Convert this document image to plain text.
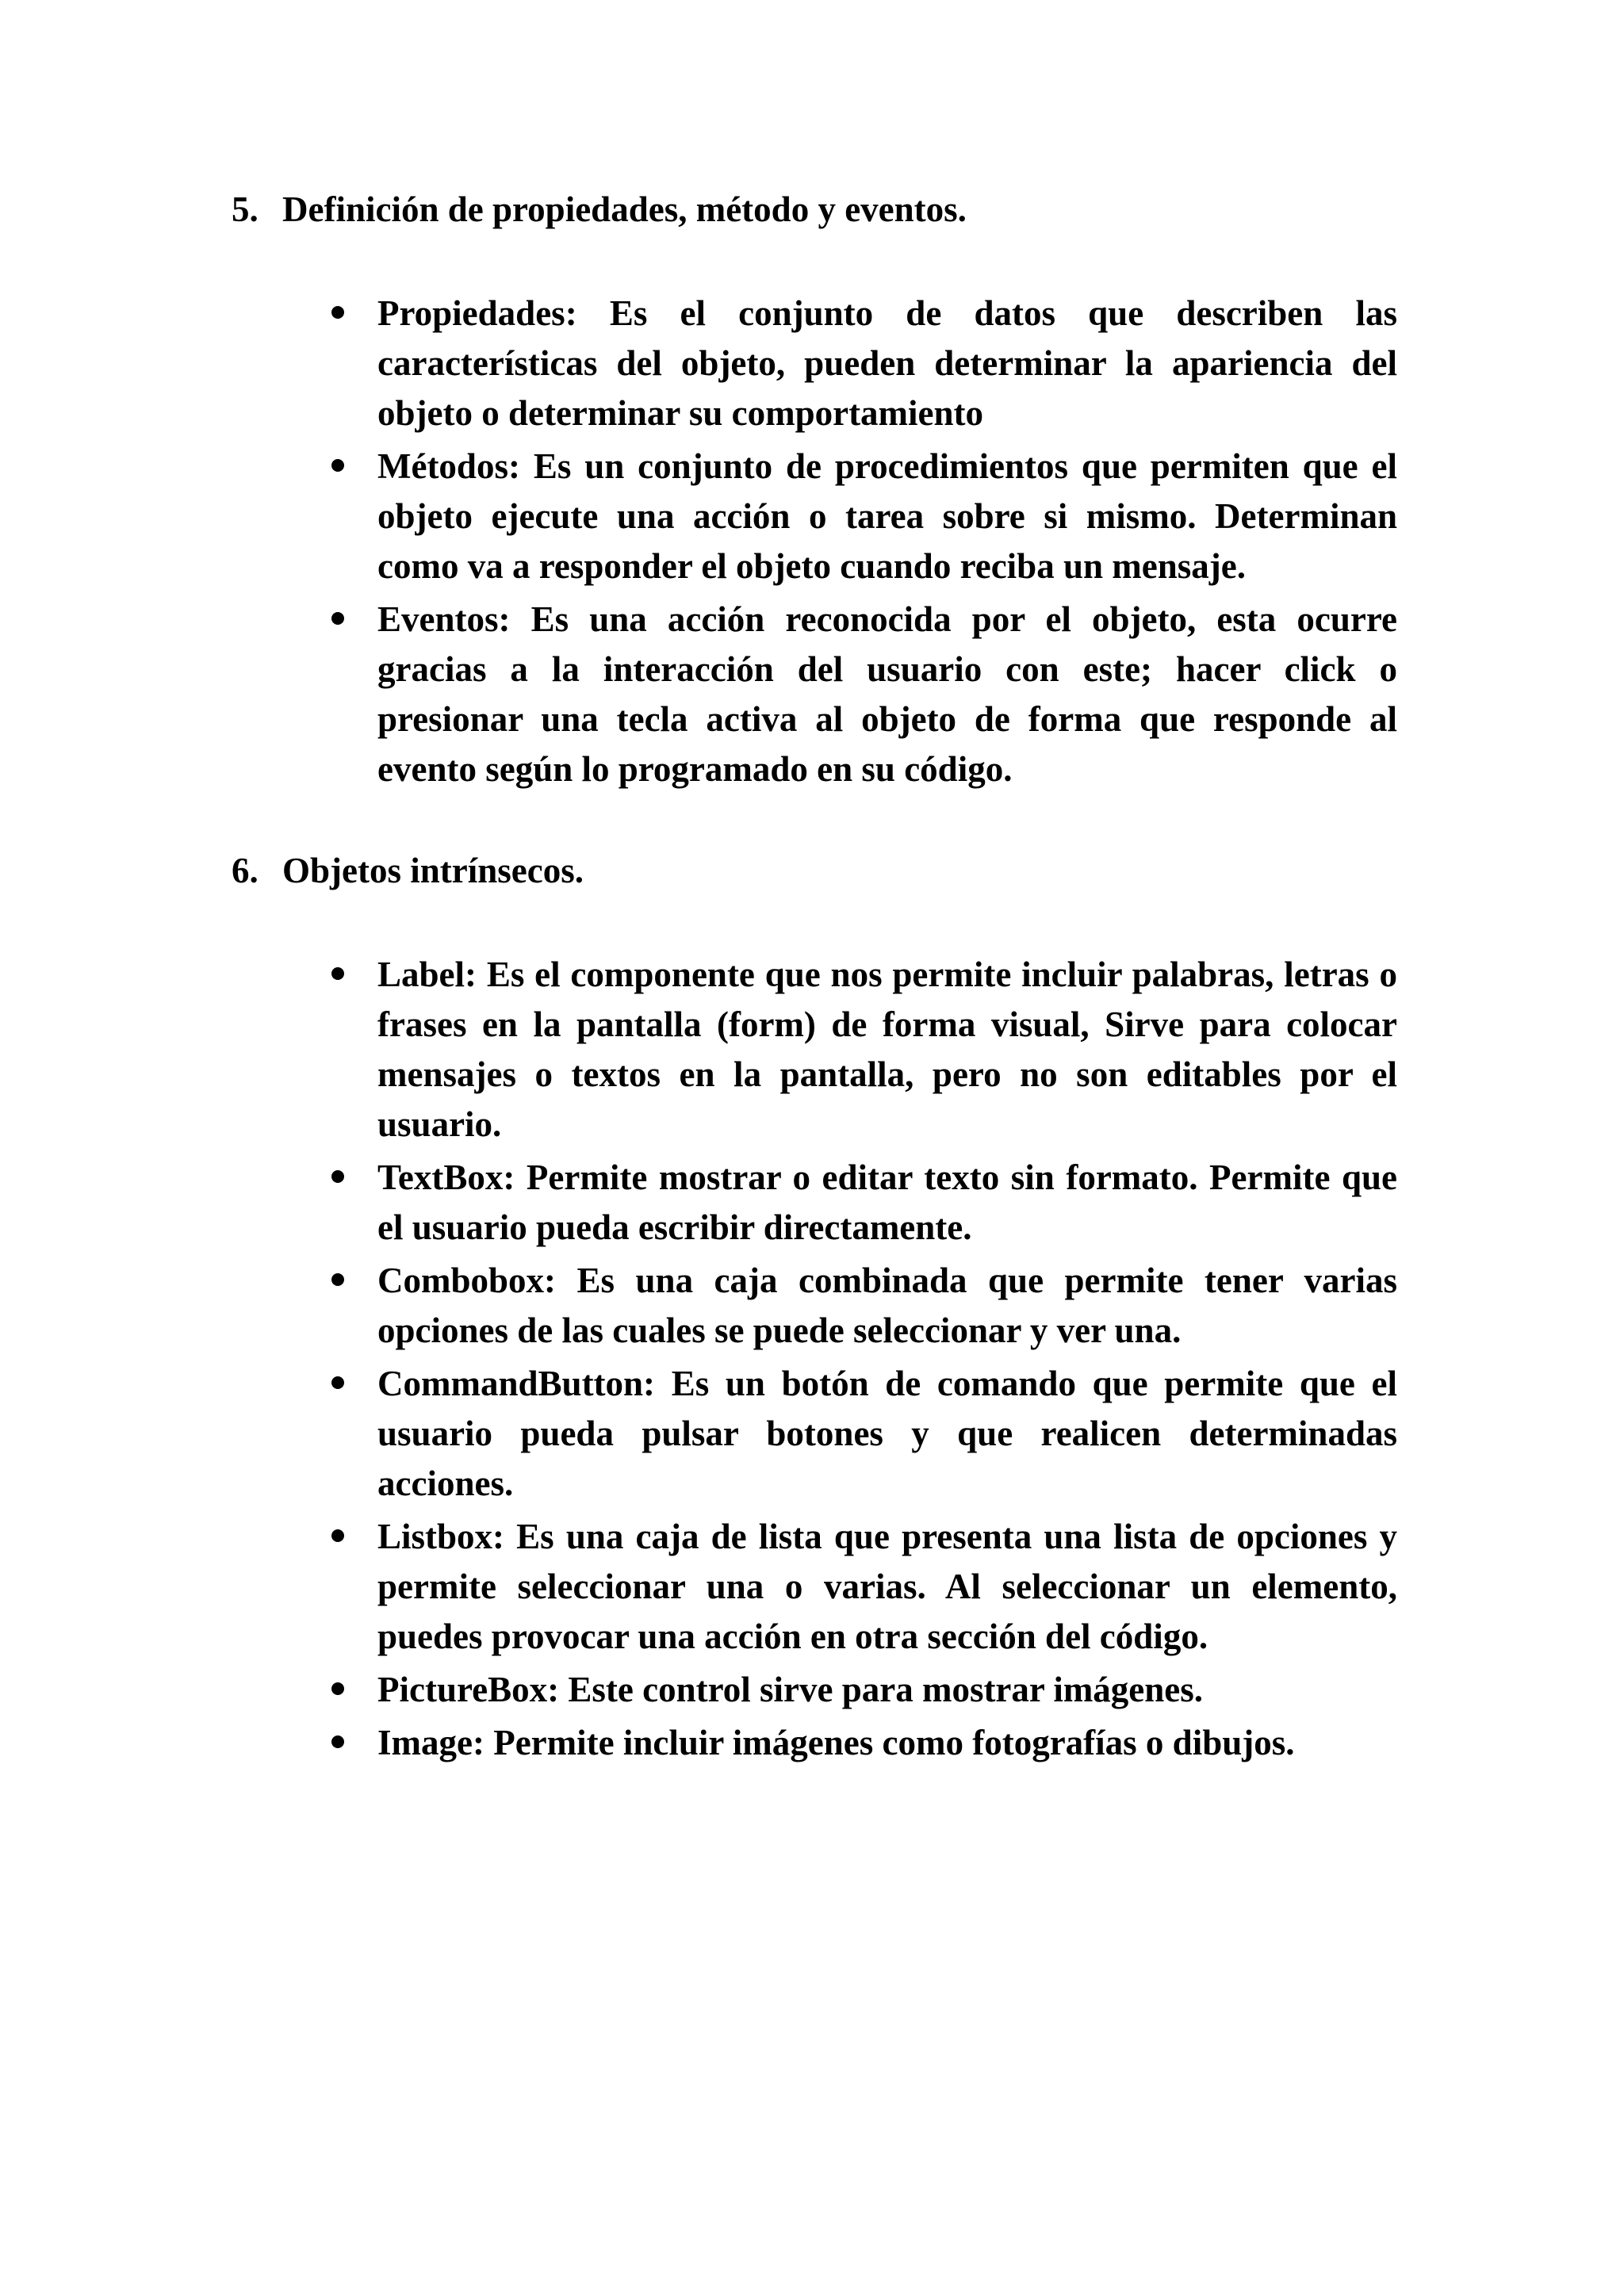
5. Definición de propiedades, método y eventos.
Propiedades: Es el conjunto de datos que describen las características del objeto, pueden determinar la apariencia del objeto o determinar su comportamiento
Métodos: Es un conjunto de procedimientos que permiten que el objeto ejecute una acción o tarea sobre si mismo. Determinan como va a responder el objeto cuando reciba un mensaje.
Eventos: Es una acción reconocida por el objeto, esta ocurre gracias a la interacción del usuario con este; hacer click o presionar una tecla activa al objeto de forma que responde al evento según lo programado en su código.
6. Objetos intrínsecos.
Label: Es el componente que nos permite incluir palabras, letras o frases en la pantalla (form) de forma visual, Sirve para colocar mensajes o textos en la pantalla, pero no son editables por el usuario.
TextBox: Permite mostrar o editar texto sin formato. Permite que el usuario pueda escribir directamente.
Combobox: Es una caja combinada que permite tener varias opciones de las cuales se puede seleccionar y ver una.
CommandButton: Es un botón de comando que permite que el usuario pueda pulsar botones y que realicen determinadas acciones.
Listbox: Es una caja de lista que presenta una lista de opciones y permite seleccionar una o varias. Al seleccionar un elemento, puedes provocar una acción en otra sección del código.
PictureBox: Este control sirve para mostrar imágenes.
Image: Permite incluir imágenes como fotografías o dibujos.
